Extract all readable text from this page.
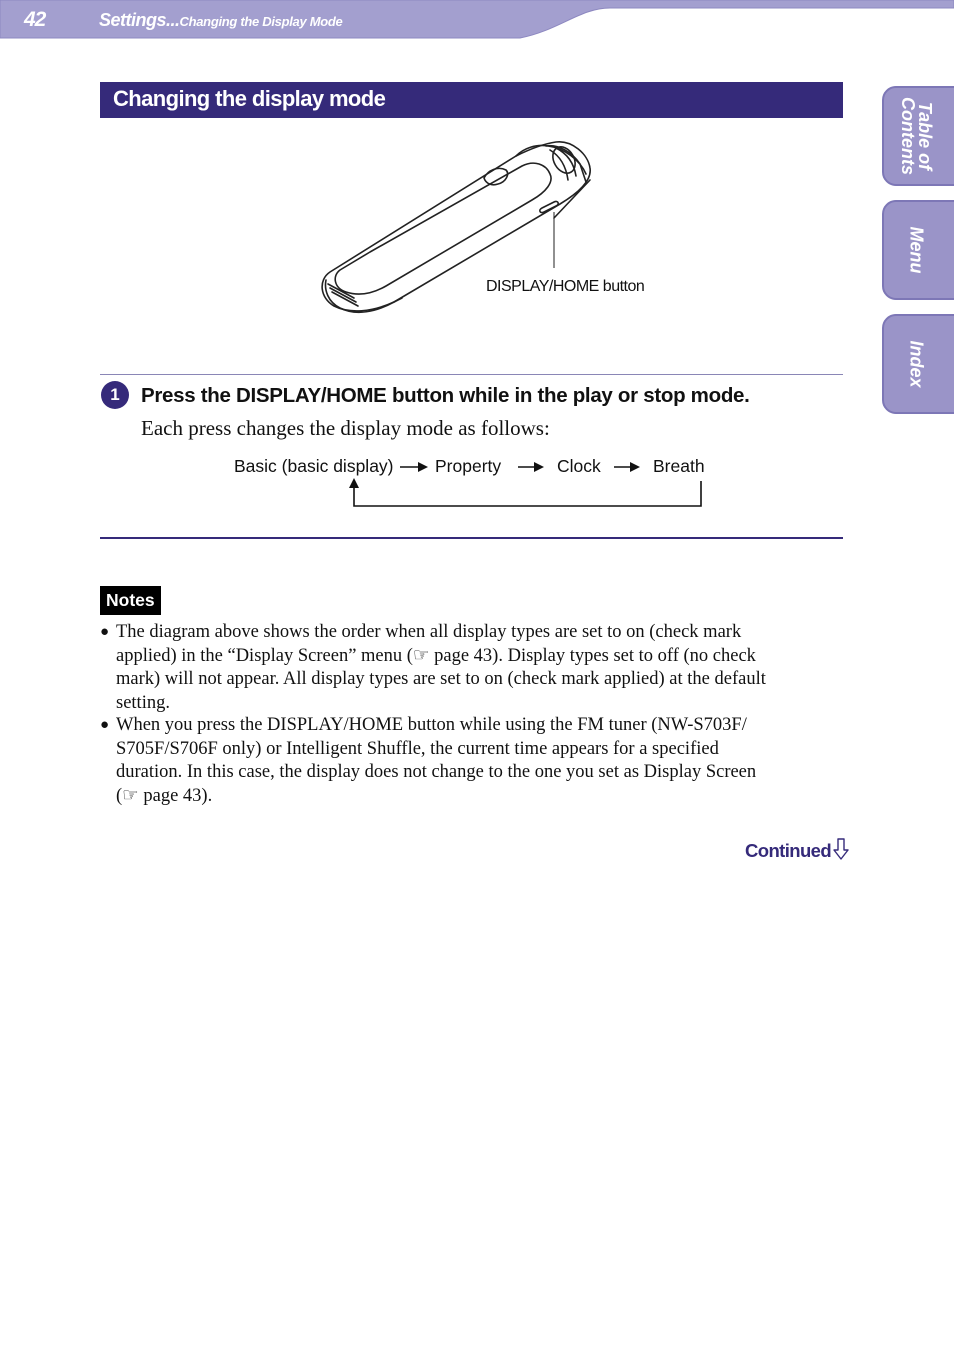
42	Settings...Changing the Display Mode
Table of
Contents
Menu
Index
Changing the display mode
DISPLAY/HOME button
1	Press the DISPLAY/HOME button while in the play or stop mode.
Each press changes the display mode as follows:
Basic (basic display) Property	Clock	Breath
Notes
● The diagram above shows the order when all display types are set to on (check mark
applied) in the “Display Screen” menu (☞ page 43). Display types set to off (no check
mark) will not appear. All display types are set to on (check mark applied) at the default
setting.
● When you press the DISPLAY/HOME button while using the FM tuner (NW-S703F/
S705F/S706F only) or Intelligent Shuffle, the current time appears for a specified
duration. In this case, the display does not change to the one you set as Display Screen
(☞ page 43).
Continued
